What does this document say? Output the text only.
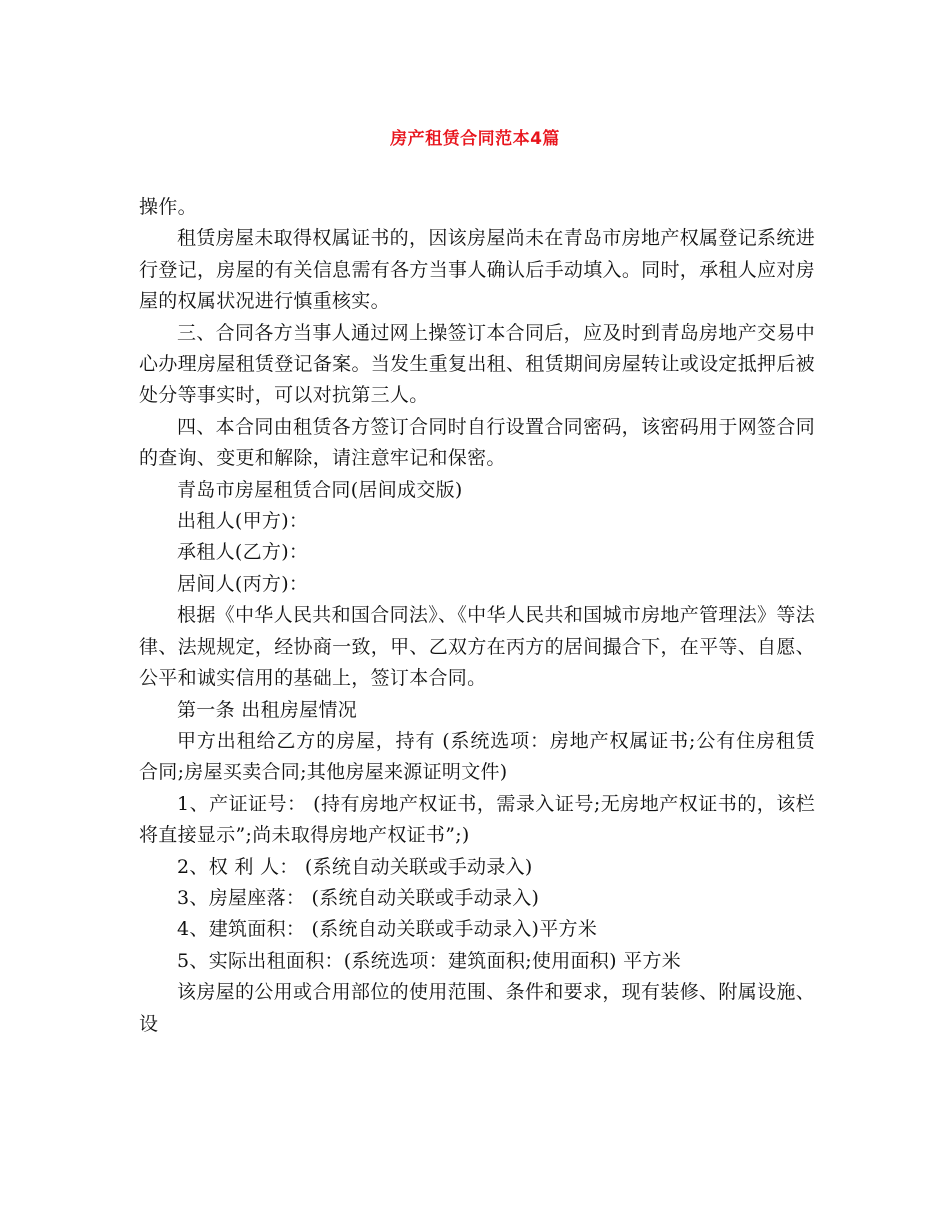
房产租赁合同范本4篇

操作。

租赁房屋未取得权属证书的，因该房屋尚未在青岛市房地产权属登记系统进行登记，房屋的有关信息需有各方当事人确认后手动填入。同时，承租人应对房屋的权属状况进行慎重核实。

三、合同各方当事人通过网上操签订本合同后，应及时到青岛房地产交易中心办理房屋租赁登记备案。当发生重复出租、租赁期间房屋转让或设定抵押后被处分等事实时，可以对抗第三人。

四、本合同由租赁各方签订合同时自行设置合同密码，该密码用于网签合同的查询、变更和解除，请注意牢记和保密。

青岛市房屋租赁合同(居间成交版)

出租人(甲方)：

承租人(乙方)：

居间人(丙方)：

根据《中华人民共和国合同法》、《中华人民共和国城市房地产管理法》等法律、法规规定，经协商一致，甲、乙双方在丙方的居间撮合下，在平等、自愿、公平和诚实信用的基础上，签订本合同。

第一条 出租房屋情况

甲方出租给乙方的房屋，持有 (系统选项：房地产权属证书;公有住房租赁合同;房屋买卖合同;其他房屋来源证明文件)

1、产证证号： (持有房地产权证书，需录入证号;无房地产权证书的，该栏将直接显示”;尚未取得房地产权证书”;)

2、权 利 人： (系统自动关联或手动录入)

3、房屋座落： (系统自动关联或手动录入)

4、建筑面积： (系统自动关联或手动录入)平方米

5、实际出租面积：(系统选项：建筑面积;使用面积) 平方米

该房屋的公用或合用部位的使用范围、条件和要求，现有装修、附属设施、设
